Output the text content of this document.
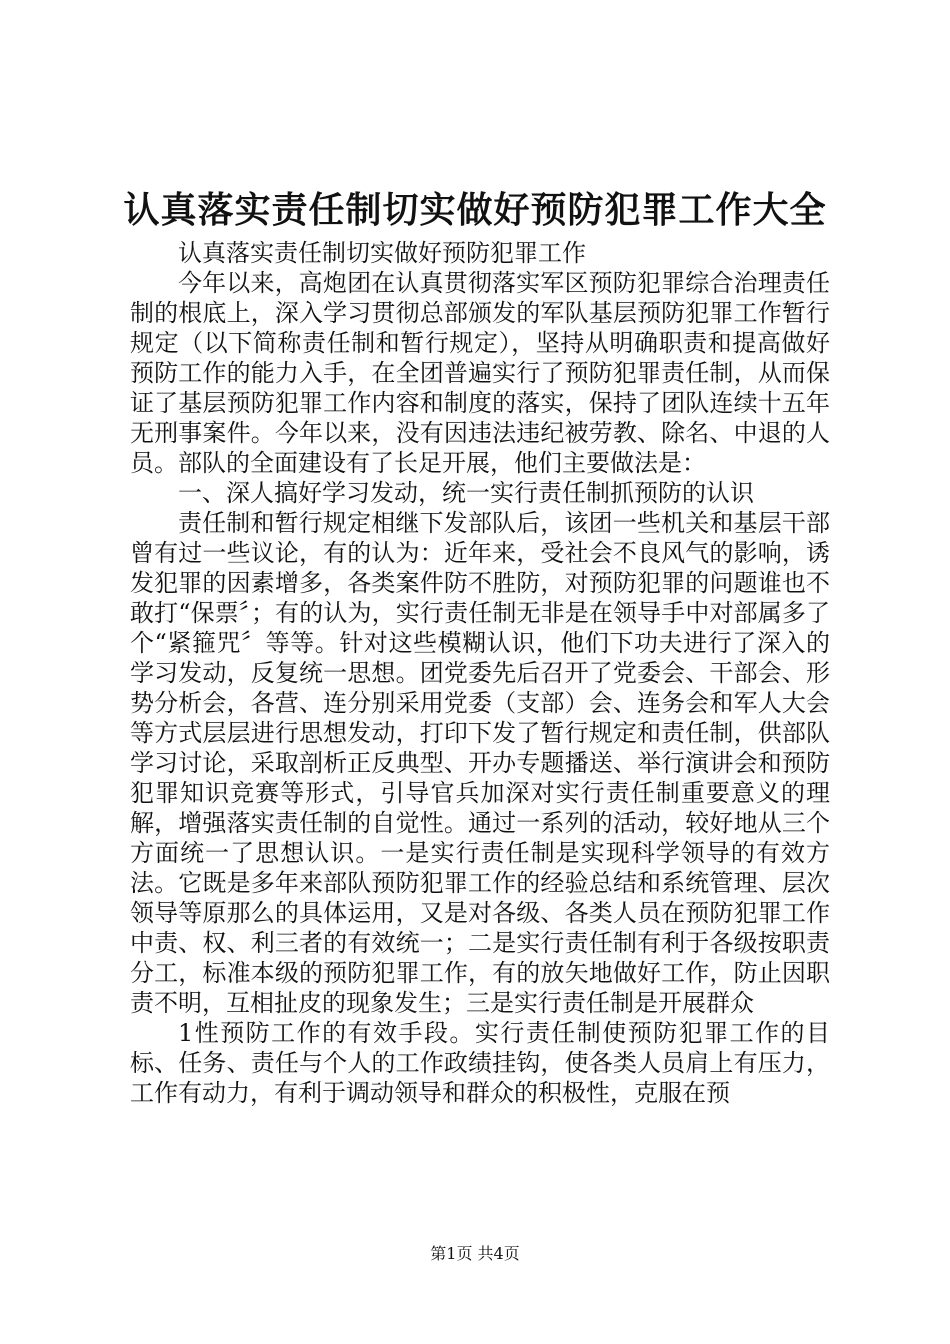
认真落实责任制切实做好预防犯罪工作大全

认真落实责任制切实做好预防犯罪工作

今年以来，高炮团在认真贯彻落实军区预防犯罪综合治理责任制的根底上，深入学习贯彻总部颁发的军队基层预防犯罪工作暂行规定（以下简称责任制和暂行规定），坚持从明确职责和提高做好预防工作的能力入手，在全团普遍实行了预防犯罪责任制，从而保证了基层预防犯罪工作内容和制度的落实，保持了团队连续十五年无刑事案件。今年以来，没有因违法违纪被劳教、除名、中退的人员。部队的全面建设有了长足开展，他们主要做法是：

一、深人搞好学习发动，统一实行责任制抓预防的认识

责任制和暂行规定相继下发部队后，该团一些机关和基层干部曾有过一些议论，有的认为：近年来，受社会不良风气的影响，诱发犯罪的因素增多，各类案件防不胜防，对预防犯罪的问题谁也不敢打“保票〞；有的认为，实行责任制无非是在领导手中对部属多了个“紧箍咒〞等等。针对这些模糊认识，他们下功夫进行了深入的学习发动，反复统一思想。团党委先后召开了党委会、干部会、形势分析会，各营、连分别采用党委（支部）会、连务会和军人大会等方式层层进行思想发动，打印下发了暂行规定和责任制，供部队学习讨论，采取剖析正反典型、开办专题播送、举行演讲会和预防犯罪知识竞赛等形式，引导官兵加深对实行责任制重要意义的理解，增强落实责任制的自觉性。通过一系列的活动，较好地从三个方面统一了思想认识。一是实行责任制是实现科学领导的有效方法。它既是多年来部队预防犯罪工作的经验总结和系统管理、层次领导等原那么的具体运用，又是对各级、各类人员在预防犯罪工作中责、权、利三者的有效统一；二是实行责任制有利于各级按职责分工，标准本级的预防犯罪工作，有的放矢地做好工作，防止因职责不明，互相扯皮的现象发生；三是实行责任制是开展群众

1性预防工作的有效手段。实行责任制使预防犯罪工作的目标、任务、责任与个人的工作政绩挂钩，使各类人员肩上有压力，工作有动力，有利于调动领导和群众的积极性，克服在预

第1页 共4页
